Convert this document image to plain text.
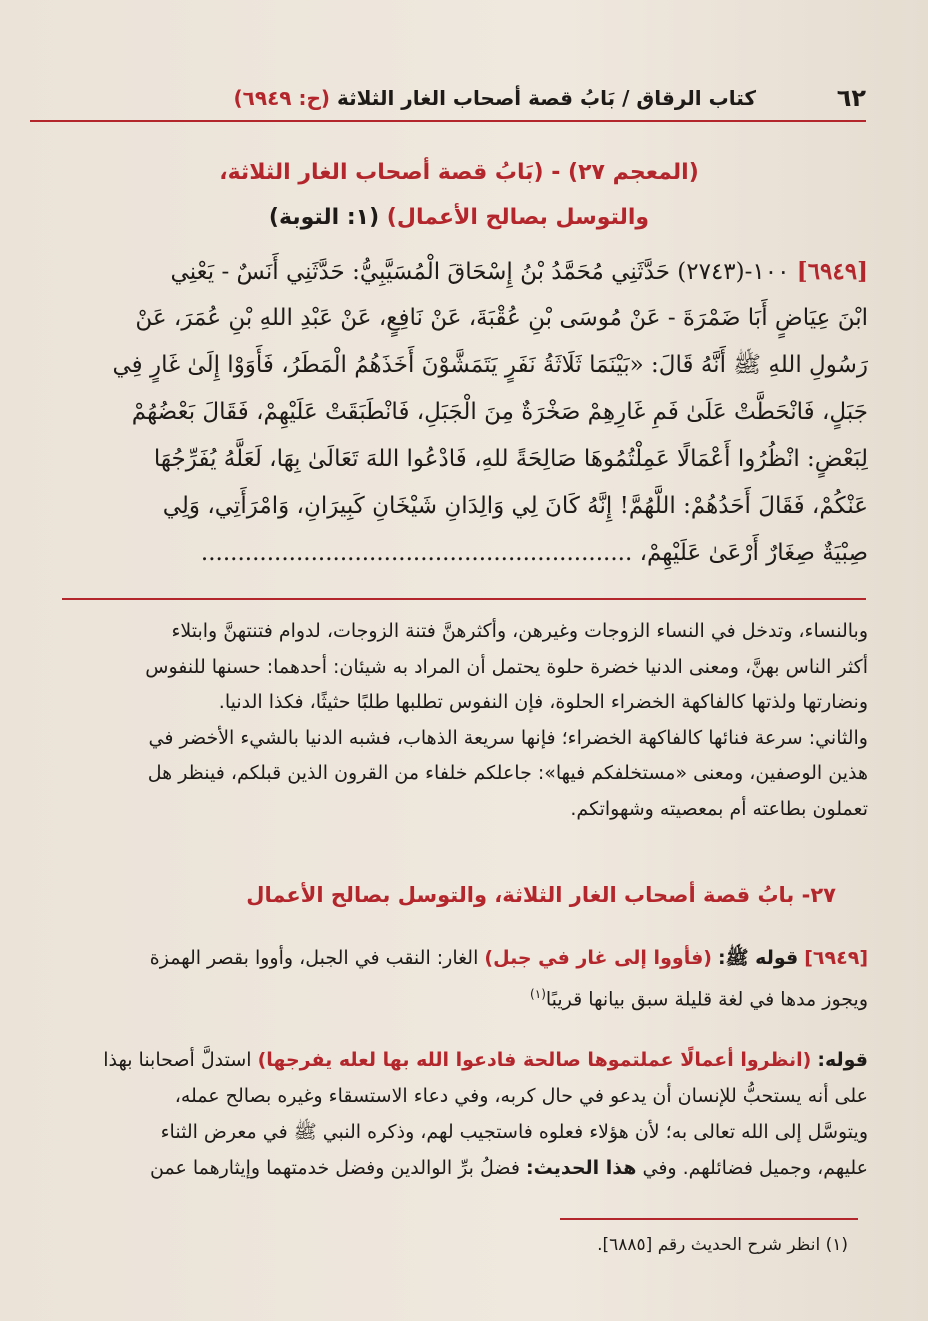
٦٢
كتاب الرقاق / بَابُ قصة أصحاب الغار الثلاثة (ح: ٦٩٤٩)
(المعجم ٢٧) - (بَابُ قصة أصحاب الغار الثلاثة،
والتوسل بصالح الأعمال) (١: التوبة)
[٦٩٤٩] ١٠٠-(٢٧٤٣) حَدَّثَنِي مُحَمَّدُ بْنُ إِسْحَاقَ الْمُسَيَّبِيُّ: حَدَّثَنِي أَنَسٌ - يَعْنِي
ابْنَ عِيَاضٍ أَبَا ضَمْرَةَ - عَنْ مُوسَى بْنِ عُقْبَةَ، عَنْ نَافِعٍ، عَنْ عَبْدِ اللهِ بْنِ عُمَرَ، عَنْ
رَسُولِ اللهِ ﷺ أَنَّهُ قَالَ: «بَيْنَمَا ثَلَاثَةُ نَفَرٍ يَتَمَشَّوْنَ أَخَذَهُمُ الْمَطَرُ، فَأَوَوْا إِلَىٰ غَارٍ فِي
جَبَلٍ، فَانْحَطَّتْ عَلَىٰ فَمِ غَارِهِمْ صَخْرَةٌ مِنَ الْجَبَلِ، فَانْطَبَقَتْ عَلَيْهِمْ، فَقَالَ بَعْضُهُمْ
لِبَعْضٍ: انْظُرُوا أَعْمَالًا عَمِلْتُمُوهَا صَالِحَةً للهِ، فَادْعُوا اللهَ تَعَالَىٰ بِهَا، لَعَلَّهُ يُفَرِّجُهَا
عَنْكُمْ، فَقَالَ أَحَدُهُمْ: اللَّهُمَّ! إِنَّهُ كَانَ لِي وَالِدَانِ شَيْخَانِ كَبِيرَانِ، وَامْرَأَتِي، وَلِي
صِبْيَةٌ صِغَارٌ أَرْعَىٰ عَلَيْهِمْ، ...........................................................
وبالنساء، وتدخل في النساء الزوجات وغيرهن، وأكثرهنَّ فتنة الزوجات، لدوام فتنتهنَّ وابتلاء
أكثر الناس بهنَّ، ومعنى الدنيا خضرة حلوة يحتمل أن المراد به شيئان: أحدهما: حسنها للنفوس
ونضارتها ولذتها كالفاكهة الخضراء الحلوة، فإن النفوس تطلبها طلبًا حثيثًا، فكذا الدنيا.
والثاني: سرعة فنائها كالفاكهة الخضراء؛ فإنها سريعة الذهاب، فشبه الدنيا بالشيء الأخضر في
هذين الوصفين، ومعنى «مستخلفكم فيها»: جاعلكم خلفاء من القرون الذين قبلكم، فينظر هل
تعملون بطاعته أم بمعصيته وشهواتكم.
٢٧- بابُ قصة أصحاب الغار الثلاثة، والتوسل بصالح الأعمال
[٦٩٤٩] قوله ﷺ: (فأووا إلى غار في جبل) الغار: النقب في الجبل، وأووا بقصر الهمزة
ويجوز مدها في لغة قليلة سبق بيانها قريبًا$^{(١)}$
قوله: (انظروا أعمالًا عملتموها صالحة فادعوا الله بها لعله يفرجها) استدلَّ أصحابنا بهذا
على أنه يستحبُّ للإنسان أن يدعو في حال كربه، وفي دعاء الاستسقاء وغيره بصالح عمله،
ويتوسَّل إلى الله تعالى به؛ لأن هؤلاء فعلوه فاستجيب لهم، وذكره النبي ﷺ في معرض الثناء
عليهم، وجميل فضائلهم. وفي هذا الحديث: فضلُ برِّ الوالدين وفضل خدمتهما وإيثارهما عمن
(١) انظر شرح الحديث رقم [٦٨٨٥].
